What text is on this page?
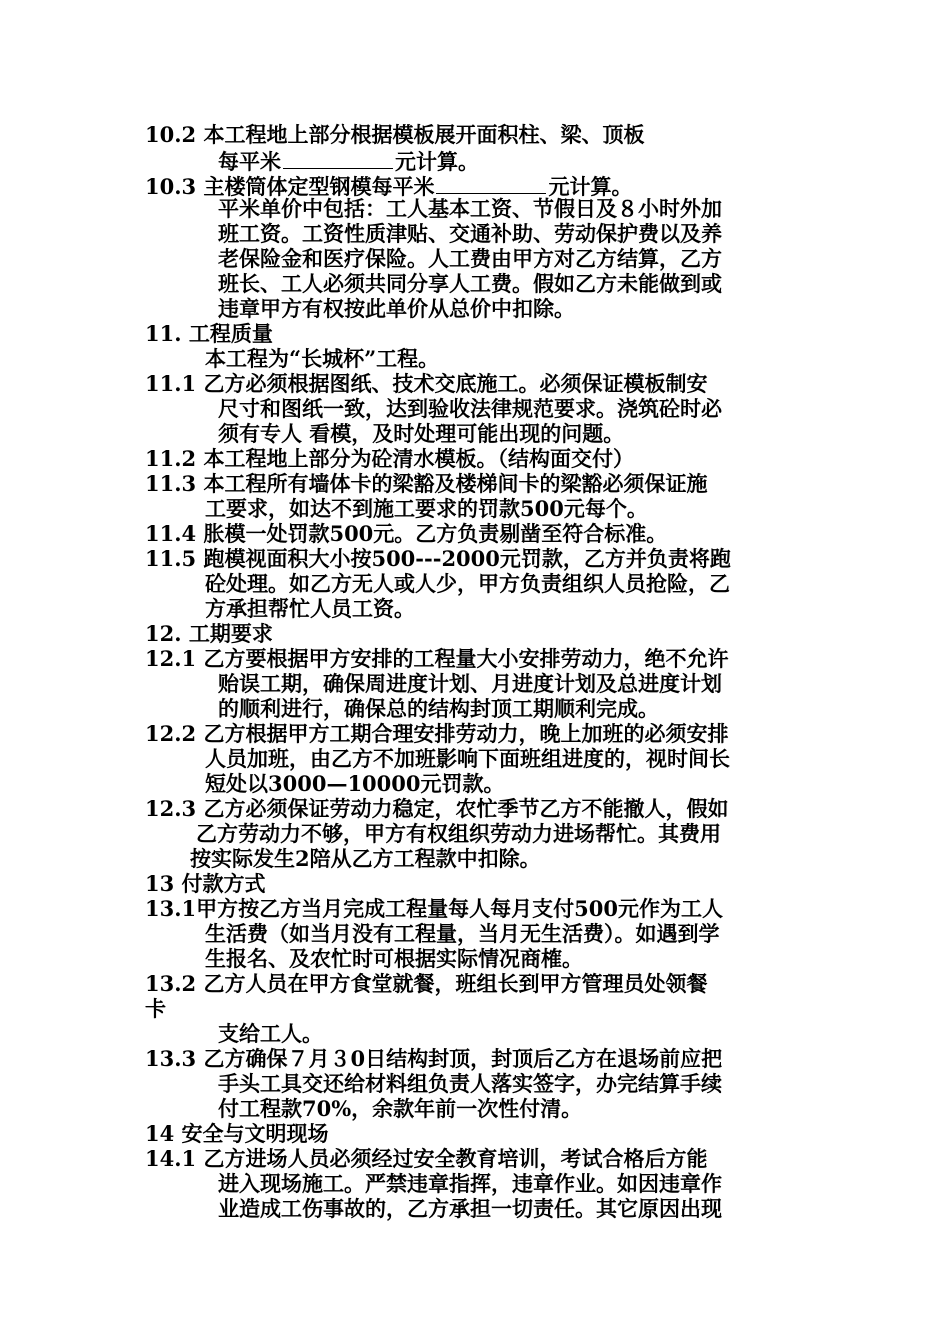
10.2 本工程地上部分根据模板展开面积柱、梁、顶板

每平米	元计算。

10.3 主楼筒体定型钢模每平米	元计算。

平米单价中包括：工人基本工资、节假日及８小时外加

班工资。工资性质津贴、交通补助、劳动保护费以及养

老保险金和医疗保险。人工费由甲方对乙方结算，乙方

班长、工人必须共同分享人工费。假如乙方未能做到或

违章甲方有权按此单价从总价中扣除。

11. 工程质量

本工程为“长城杯”工程。

11.1 乙方必须根据图纸、技术交底施工。必须保证模板制安

尺寸和图纸一致，达到验收法律规范要求。浇筑砼时必

须有专人 看模，及时处理可能出现的问题。

11.2 本工程地上部分为砼清水模板。（结构面交付）

11.3 本工程所有墙体卡的梁豁及楼梯间卡的梁豁必须保证施

工要求，如达不到施工要求的罚款500元每个。

11.4 胀模一处罚款500元。乙方负责剔凿至符合标准。

11.5 跑模视面积大小按500---2000元罚款，乙方并负责将跑

砼处理。如乙方无人或人少，甲方负责组织人员抢险，乙

方承担帮忙人员工资。

12. 工期要求

12.1 乙方要根据甲方安排的工程量大小安排劳动力，绝不允许

贻误工期，确保周进度计划、月进度计划及总进度计划

的顺利进行，确保总的结构封顶工期顺利完成。

12.2 乙方根据甲方工期合理安排劳动力，晚上加班的必须安排

人员加班，由乙方不加班影响下面班组进度的，视时间长

短处以3000—10000元罚款。

12.3 乙方必须保证劳动力稳定，农忙季节乙方不能撤人，假如

乙方劳动力不够，甲方有权组织劳动力进场帮忙。其费用

按实际发生2陪从乙方工程款中扣除。

13 付款方式

13.1甲方按乙方当月完成工程量每人每月支付500元作为工人

生活费（如当月没有工程量，当月无生活费）。如遇到学

生报名、及农忙时可根据实际情况商榷。

13.2 乙方人员在甲方食堂就餐，班组长到甲方管理员处领餐

卡

支给工人。

13.3 乙方确保７月３0日结构封顶，封顶后乙方在退场前应把

手头工具交还给材料组负责人落实签字，办完结算手续

付工程款70%，余款年前一次性付清。

14 安全与文明现场

14.1 乙方进场人员必须经过安全教育培训，考试合格后方能

进入现场施工。严禁违章指挥，违章作业。如因违章作

业造成工伤事故的，乙方承担一切责任。其它原因出现
